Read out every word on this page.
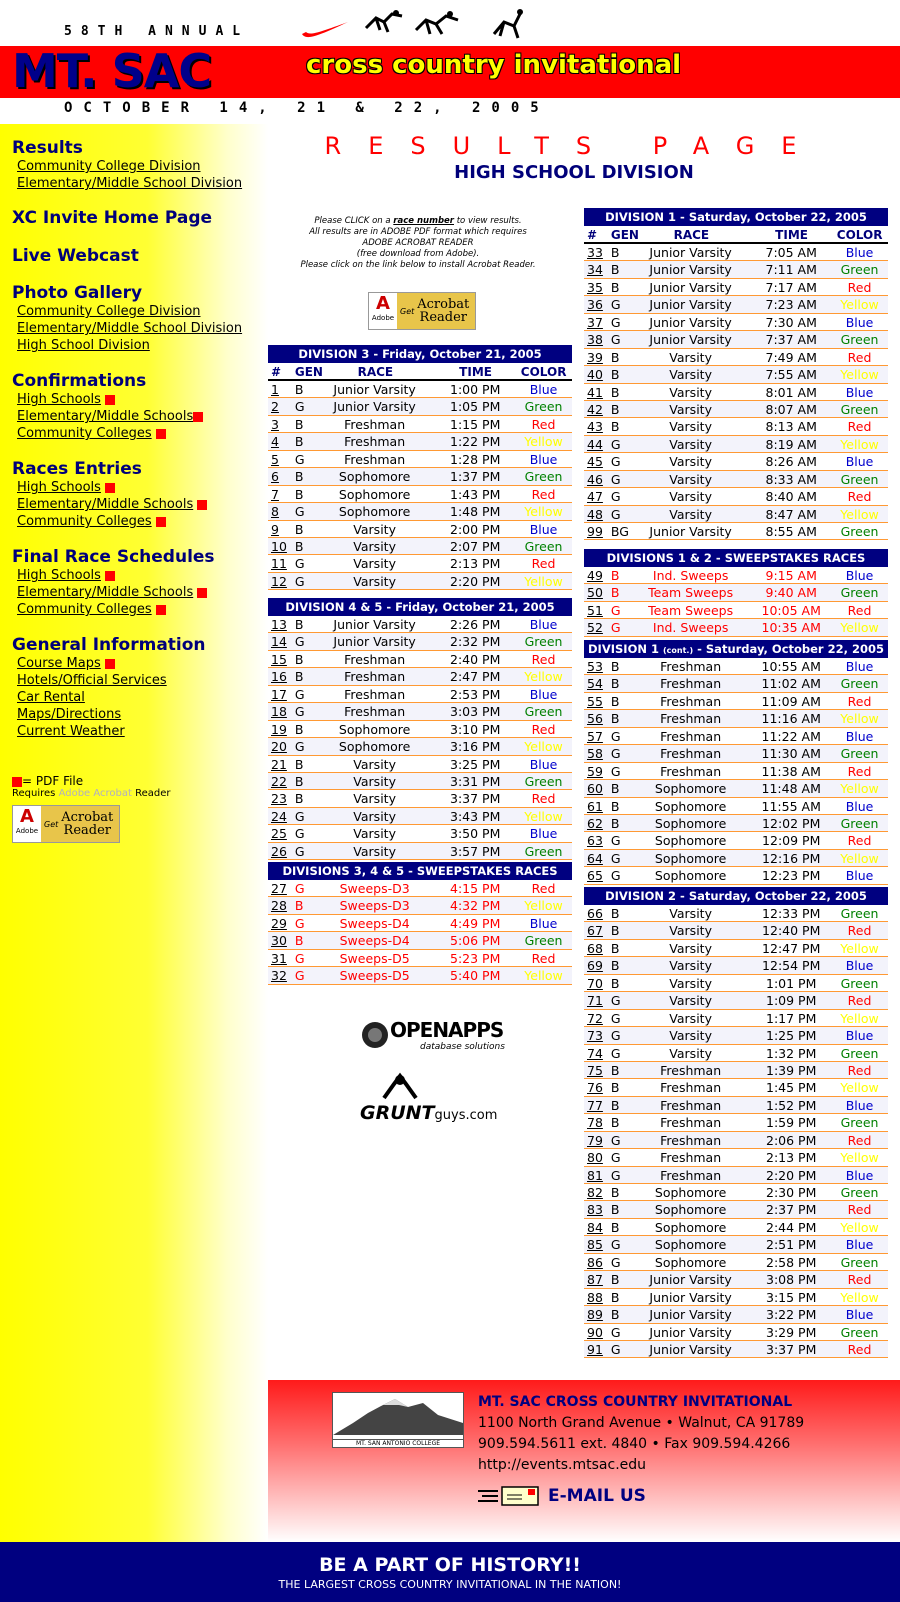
58TH ANNUAL
MT. SAC	cross country invitational
OCTOBER 14, 21 & 22, 2005
Results
Community College Division
Elementary/Middle School Division
XC Invite Home Page
Live Webcast
Photo Gallery
Community College Division
Elementary/Middle School Division
High School Division
Confirmations
High Schools
Elementary/Middle Schools
Community Colleges
Races Entries
High Schools
Elementary/Middle Schools
Community Colleges
Final Race Schedules
High Schools
Elementary/Middle Schools
Community Colleges
General Information
Course Maps
Hotels/Official Services
Car Rental
Maps/Directions
Current Weather
= PDF File
Requires Adobe Acrobat Reader
A
Adobe
Get Acrobat
Reader
RESULTS PAGE
HIGH SCHOOL DIVISION
Please CLICK on a race number to view results.
All results are in ADOBE PDF format which requires
ADOBE ACROBAT READER
(free download from Adobe).
Please click on the link below to install Acrobat Reader.
A
Adobe
Get Acrobat
Reader
DIVISION 3 - Friday, October 21, 2005
#	GEN	RACE	TIME	COLOR
1	B	Junior Varsity	1:00 PM	Blue
2	G	Junior Varsity	1:05 PM	Green
3	B	Freshman	1:15 PM	Red
4	B	Freshman	1:22 PM	Yellow
5	G	Freshman	1:28 PM	Blue
6	B	Sophomore	1:37 PM	Green
7	B	Sophomore	1:43 PM	Red
8	G	Sophomore	1:48 PM	Yellow
9	B	Varsity	2:00 PM	Blue
10 B	Varsity	2:07 PM	Green
11 G	Varsity	2:13 PM	Red
12 G	Varsity	2:20 PM	Yellow
DIVISION 4 & 5 - Friday, October 21, 2005
13 B	Junior Varsity	2:26 PM	Blue
14 G	Junior Varsity	2:32 PM	Green
15 B	Freshman	2:40 PM	Red
16 B	Freshman	2:47 PM	Yellow
17 G	Freshman	2:53 PM	Blue
18 G	Freshman	3:03 PM	Green
19 B	Sophomore	3:10 PM	Red
20 G	Sophomore	3:16 PM	Yellow
21 B	Varsity	3:25 PM	Blue
22 B	Varsity	3:31 PM	Green
23 B	Varsity	3:37 PM	Red
24 G	Varsity	3:43 PM	Yellow
25 G	Varsity	3:50 PM	Blue
26 G	Varsity	3:57 PM	Green
DIVISIONS 3, 4 & 5 - SWEEPSTAKES RACES
27 G	Sweeps-D3	4:15 PM	Red
28 B	Sweeps-D3	4:32 PM	Yellow
29 G	Sweeps-D4	4:49 PM	Blue
30 B	Sweeps-D4	5:06 PM	Green
31 G	Sweeps-D5	5:23 PM	Red
32 G	Sweeps-D5	5:40 PM	Yellow
DIVISION 1 - Saturday, October 22, 2005
#	GEN	RACE	TIME	COLOR
33 B	Junior Varsity	7:05 AM	Blue
34 B	Junior Varsity	7:11 AM	Green
35 B	Junior Varsity	7:17 AM	Red
36 G	Junior Varsity	7:23 AM	Yellow
37 G	Junior Varsity	7:30 AM	Blue
38 G	Junior Varsity	7:37 AM	Green
39 B	Varsity	7:49 AM	Red
40 B	Varsity	7:55 AM	Yellow
41 B	Varsity	8:01 AM	Blue
42 B	Varsity	8:07 AM	Green
43 B	Varsity	8:13 AM	Red
44 G	Varsity	8:19 AM	Yellow
45 G	Varsity	8:26 AM	Blue
46 G	Varsity	8:33 AM	Green
47 G	Varsity	8:40 AM	Red
48 G	Varsity	8:47 AM	Yellow
99 BG	Junior Varsity	8:55 AM	Green
DIVISIONS 1 & 2 - SWEEPSTAKES RACES
49 B	Ind. Sweeps	9:15 AM	Blue
50 B	Team Sweeps	9:40 AM	Green
51 G	Team Sweeps	10:05 AM	Red
52 G	Ind. Sweeps	10:35 AM	Yellow
DIVISION 1 (cont.) - Saturday, October 22, 2005
53 B	Freshman	10:55 AM	Blue
54 B	Freshman	11:02 AM	Green
55 B	Freshman	11:09 AM	Red
56 B	Freshman	11:16 AM	Yellow
57 G	Freshman	11:22 AM	Blue
58 G	Freshman	11:30 AM	Green
59 G	Freshman	11:38 AM	Red
60 B	Sophomore	11:48 AM	Yellow
61 B	Sophomore	11:55 AM	Blue
62 B	Sophomore	12:02 PM	Green
63 G	Sophomore	12:09 PM	Red
64 G	Sophomore	12:16 PM	Yellow
65 G	Sophomore	12:23 PM	Blue
DIVISION 2 - Saturday, October 22, 2005
66 B	Varsity	12:33 PM	Green
67 B	Varsity	12:40 PM	Red
68 B	Varsity	12:47 PM	Yellow
69 B	Varsity	12:54 PM	Blue
70 B	Varsity	1:01 PM	Green
71 G	Varsity	1:09 PM	Red
72 G	Varsity	1:17 PM	Yellow
73 G	Varsity	1:25 PM	Blue
74 G	Varsity	1:32 PM	Green
75 B	Freshman	1:39 PM	Red
76 B	Freshman	1:45 PM	Yellow
77 B	Freshman	1:52 PM	Blue
78 B	Freshman	1:59 PM	Green
79 G	Freshman	2:06 PM	Red
80 G	Freshman	2:13 PM	Yellow
81 G	Freshman	2:20 PM	Blue
82 B	Sophomore	2:30 PM	Green
83 B	Sophomore	2:37 PM	Red
84 B	Sophomore	2:44 PM	Yellow
85 G	Sophomore	2:51 PM	Blue
86 G	Sophomore	2:58 PM	Green
87 B	Junior Varsity	3:08 PM	Red
88 B	Junior Varsity	3:15 PM	Yellow
89 B	Junior Varsity	3:22 PM	Blue
90 G	Junior Varsity	3:29 PM	Green
91 G	Junior Varsity	3:37 PM	Red
OPENAPPS
database solutions
GRUNTguys.com
MT. SAN ANTONIO COLLEGE
MT. SAC CROSS COUNTRY INVITATIONAL
1100 North Grand Avenue • Walnut, CA 91789
909.594.5611 ext. 4840 • Fax 909.594.4266
http://events.mtsac.edu
E-MAIL US
BE A PART OF HISTORY!!
THE LARGEST CROSS COUNTRY INVITATIONAL IN THE NATION!
